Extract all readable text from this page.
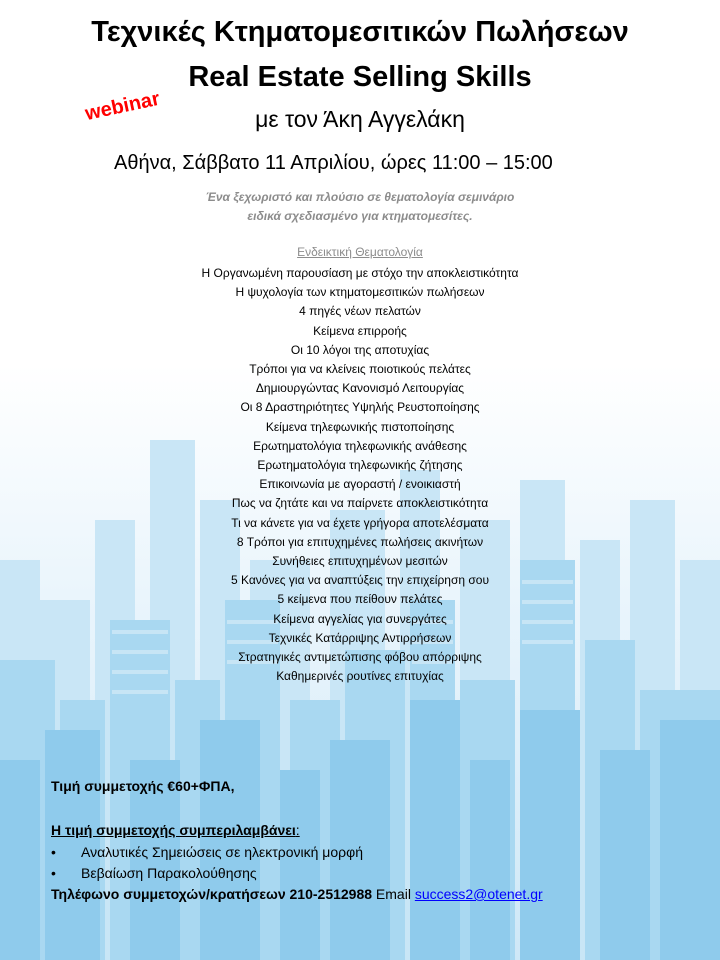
Τεχνικές Κτηματομεσιτικών Πωλήσεων
Real Estate Selling Skills
με τον Άκη Αγγελάκη
webinar
Αθήνα, Σάββατο 11 Απριλίου, ώρες 11:00 – 15:00
Ένα ξεχωριστό και πλούσιο σε θεματολογία σεμινάριο
ειδικά σχεδιασμένο για κτηματομεσίτες.
Ενδεικτική Θεματολογία
Η Οργανωμένη παρουσίαση με στόχο την αποκλειστικότητα
Η ψυχολογία των κτηματομεσιτικών πωλήσεων
4 πηγές νέων πελατών
Κείμενα επιρροής
Οι 10 λόγοι της αποτυχίας
Τρόποι για να κλείνεις ποιοτικούς πελάτες
Δημιουργώντας Κανονισμό Λειτουργίας
Οι 8 Δραστηριότητες Υψηλής Ρευστοποίησης
Κείμενα τηλεφωνικής πιστοποίησης
Ερωτηματολόγια τηλεφωνικής ανάθεσης
Ερωτηματολόγια τηλεφωνικής ζήτησης
Επικοινωνία με αγοραστή / ενοικιαστή
Πως να ζητάτε και να παίρνετε αποκλειστικότητα
Τι να κάνετε για να έχετε γρήγορα αποτελέσματα
8 Τρόποι για επιτυχημένες πωλήσεις ακινήτων
Συνήθειες επιτυχημένων μεσιτών
5 Κανόνες για να αναπτύξεις την επιχείρηση σου
5 κείμενα που πείθουν πελάτες
Κείμενα αγγελίας για συνεργάτες
Τεχνικές Κατάρριψης Αντιρρήσεων
Στρατηγικές αντιμετώπισης φόβου απόρριψης
Καθημερινές ρουτίνες επιτυχίας
Τιμή συμμετοχής €60+ΦΠΑ,
Η τιμή συμμετοχής συμπεριλαμβάνει:
• Αναλυτικές Σημειώσεις σε ηλεκτρονική μορφή
• Βεβαίωση Παρακολούθησης
Τηλέφωνο συμμετοχών/κρατήσεων 210-2512988 Email success2@otenet.gr
